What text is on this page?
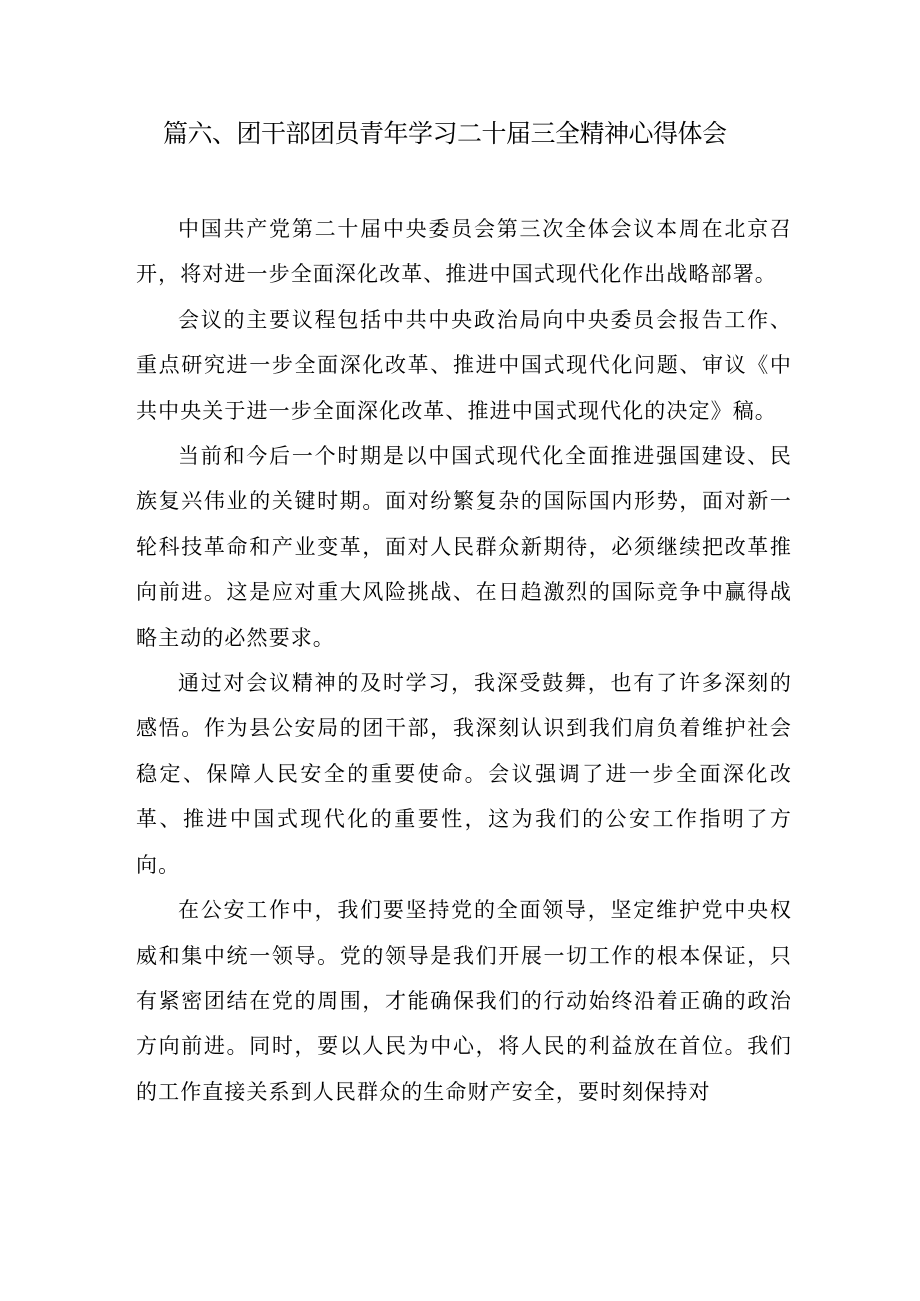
篇六、团干部团员青年学习二十届三全精神心得体会

中国共产党第二十届中央委员会第三次全体会议本周在北京召开，将对进一步全面深化改革、推进中国式现代化作出战略部署。

会议的主要议程包括中共中央政治局向中央委员会报告工作、重点研究进一步全面深化改革、推进中国式现代化问题、审议《中共中央关于进一步全面深化改革、推进中国式现代化的决定》稿。

当前和今后一个时期是以中国式现代化全面推进强国建设、民族复兴伟业的关键时期。面对纷繁复杂的国际国内形势，面对新一轮科技革命和产业变革，面对人民群众新期待，必须继续把改革推向前进。这是应对重大风险挑战、在日趋激烈的国际竞争中赢得战略主动的必然要求。

通过对会议精神的及时学习，我深受鼓舞，也有了许多深刻的感悟。作为县公安局的团干部，我深刻认识到我们肩负着维护社会稳定、保障人民安全的重要使命。会议强调了进一步全面深化改革、推进中国式现代化的重要性，这为我们的公安工作指明了方向。

在公安工作中，我们要坚持党的全面领导，坚定维护党中央权威和集中统一领导。党的领导是我们开展一切工作的根本保证，只有紧密团结在党的周围，才能确保我们的行动始终沿着正确的政治方向前进。同时，要以人民为中心，将人民的利益放在首位。我们的工作直接关系到人民群众的生命财产安全，要时刻保持对
